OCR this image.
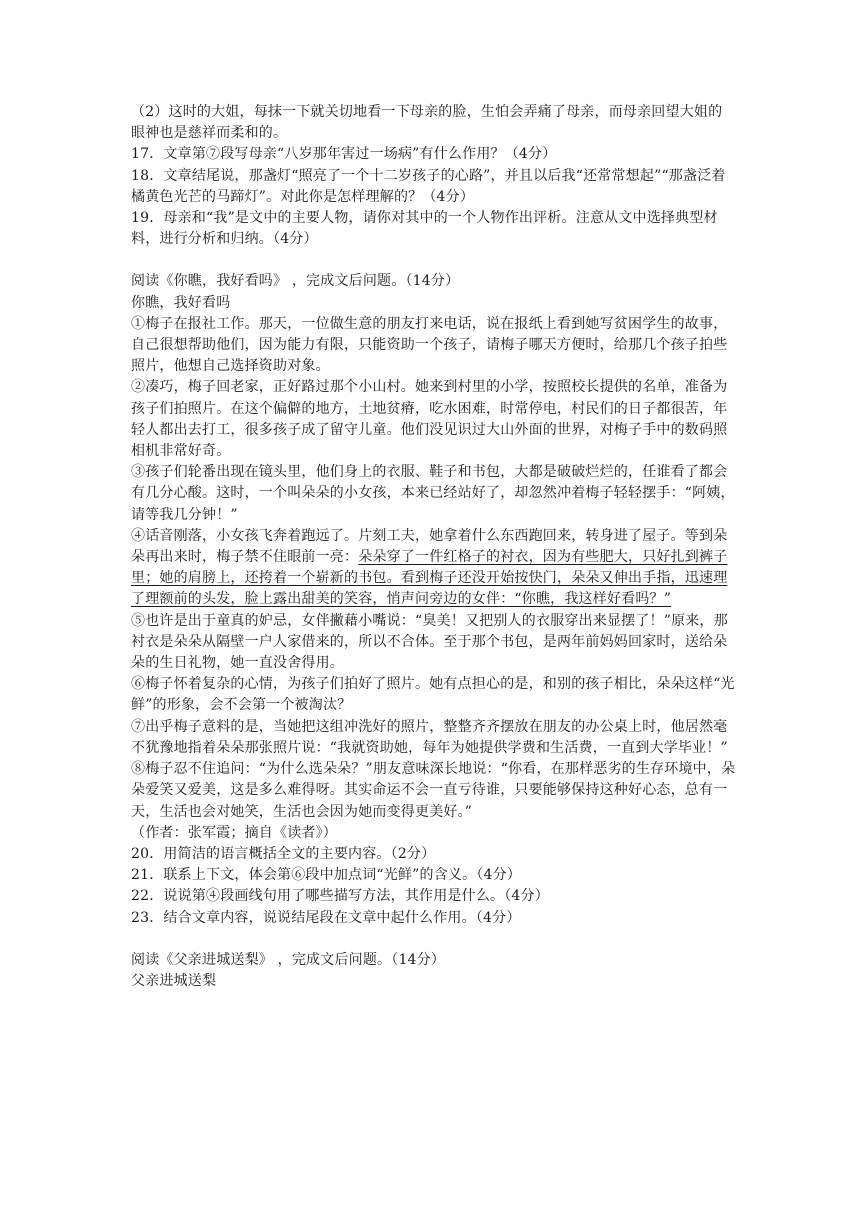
（2）这时的大姐，每抹一下就关切地看一下母亲的脸，生怕会弄痛了母亲，而母亲回望大姐的眼神也是慈祥而柔和的。

17．文章第⑦段写母亲“八岁那年害过一场病”有什么作用？（4分）

18．文章结尾说，那盏灯“照亮了一个十二岁孩子的心路”，并且以后我“还常常想起”“那盏泛着橘黄色光芒的马蹄灯”。对此你是怎样理解的？（4分）

19．母亲和“我”是文中的主要人物，请你对其中的一个人物作出评析。注意从文中选择典型材料，进行分析和归纳。（4分）

阅读《你瞧，我好看吗》 ，完成文后问题。（14分）

你瞧，我好看吗

①梅子在报社工作。那天，一位做生意的朋友打来电话，说在报纸上看到她写贫困学生的故事，自己很想帮助他们，因为能力有限，只能资助一个孩子，请梅子哪天方便时，给那几个孩子拍些照片，他想自己选择资助对象。

②凑巧，梅子回老家，正好路过那个小山村。她来到村里的小学，按照校长提供的名单，准备为孩子们拍照片。在这个偏僻的地方，土地贫瘠，吃水困难，时常停电，村民们的日子都很苦，年轻人都出去打工，很多孩子成了留守儿童。他们没见识过大山外面的世界，对梅子手中的数码照相机非常好奇。

③孩子们轮番出现在镜头里，他们身上的衣服、鞋子和书包，大都是破破烂烂的，任谁看了都会有几分心酸。这时，一个叫朵朵的小女孩，本来已经站好了，却忽然冲着梅子轻轻摆手：“阿姨，请等我几分钟！”

④话音刚落，小女孩飞奔着跑远了。片刻工夫，她拿着什么东西跑回来，转身进了屋子。等到朵朵再出来时，梅子禁不住眼前一亮：朵朵穿了一件红格子的衬衣，因为有些肥大，只好扎到裤子里；她的肩膀上，还挎着一个崭新的书包。看到梅子还没开始按快门，朵朵又伸出手指，迅速理了理额前的头发，脸上露出甜美的笑容，悄声问旁边的女伴：“你瞧，我这样好看吗？”

⑤也许是出于童真的妒忌，女伴撇藉小嘴说：“臭美！又把别人的衣服穿出来显摆了！”原来，那衬衣是朵朵从隔壁一户人家借来的，所以不合体。至于那个书包，是两年前妈妈回家时，送给朵朵的生日礼物，她一直没舍得用。

⑥梅子怀着复杂的心情，为孩子们拍好了照片。她有点担心的是，和别的孩子相比，朵朵这样“光鲜”的形象，会不会第一个被淘汰？

⑦出乎梅子意料的是，当她把这组冲洗好的照片，整整齐齐摆放在朋友的办公桌上时，他居然毫不犹豫地指着朵朵那张照片说：“我就资助她，每年为她提供学费和生活费，一直到大学毕业！”

⑧梅子忍不住追问：“为什么选朵朵？”朋友意味深长地说：“你看，在那样恶劣的生存环境中，朵朵爱笑又爱美，这是多么难得呀。其实命运不会一直亏待谁，只要能够保持这种好心态，总有一天，生活也会对她笑，生活也会因为她而变得更美好。”

（作者：张军霞；摘自《读者》）

20．用简洁的语言概括全文的主要内容。（2分）

21．联系上下文，体会第⑥段中加点词“光鲜”的含义。（4分）

22．说说第④段画线句用了哪些描写方法，其作用是什么。（4分）

23．结合文章内容，说说结尾段在文章中起什么作用。（4分）

阅读《父亲进城送梨》 ，完成文后问题。（14分）

父亲进城送梨
